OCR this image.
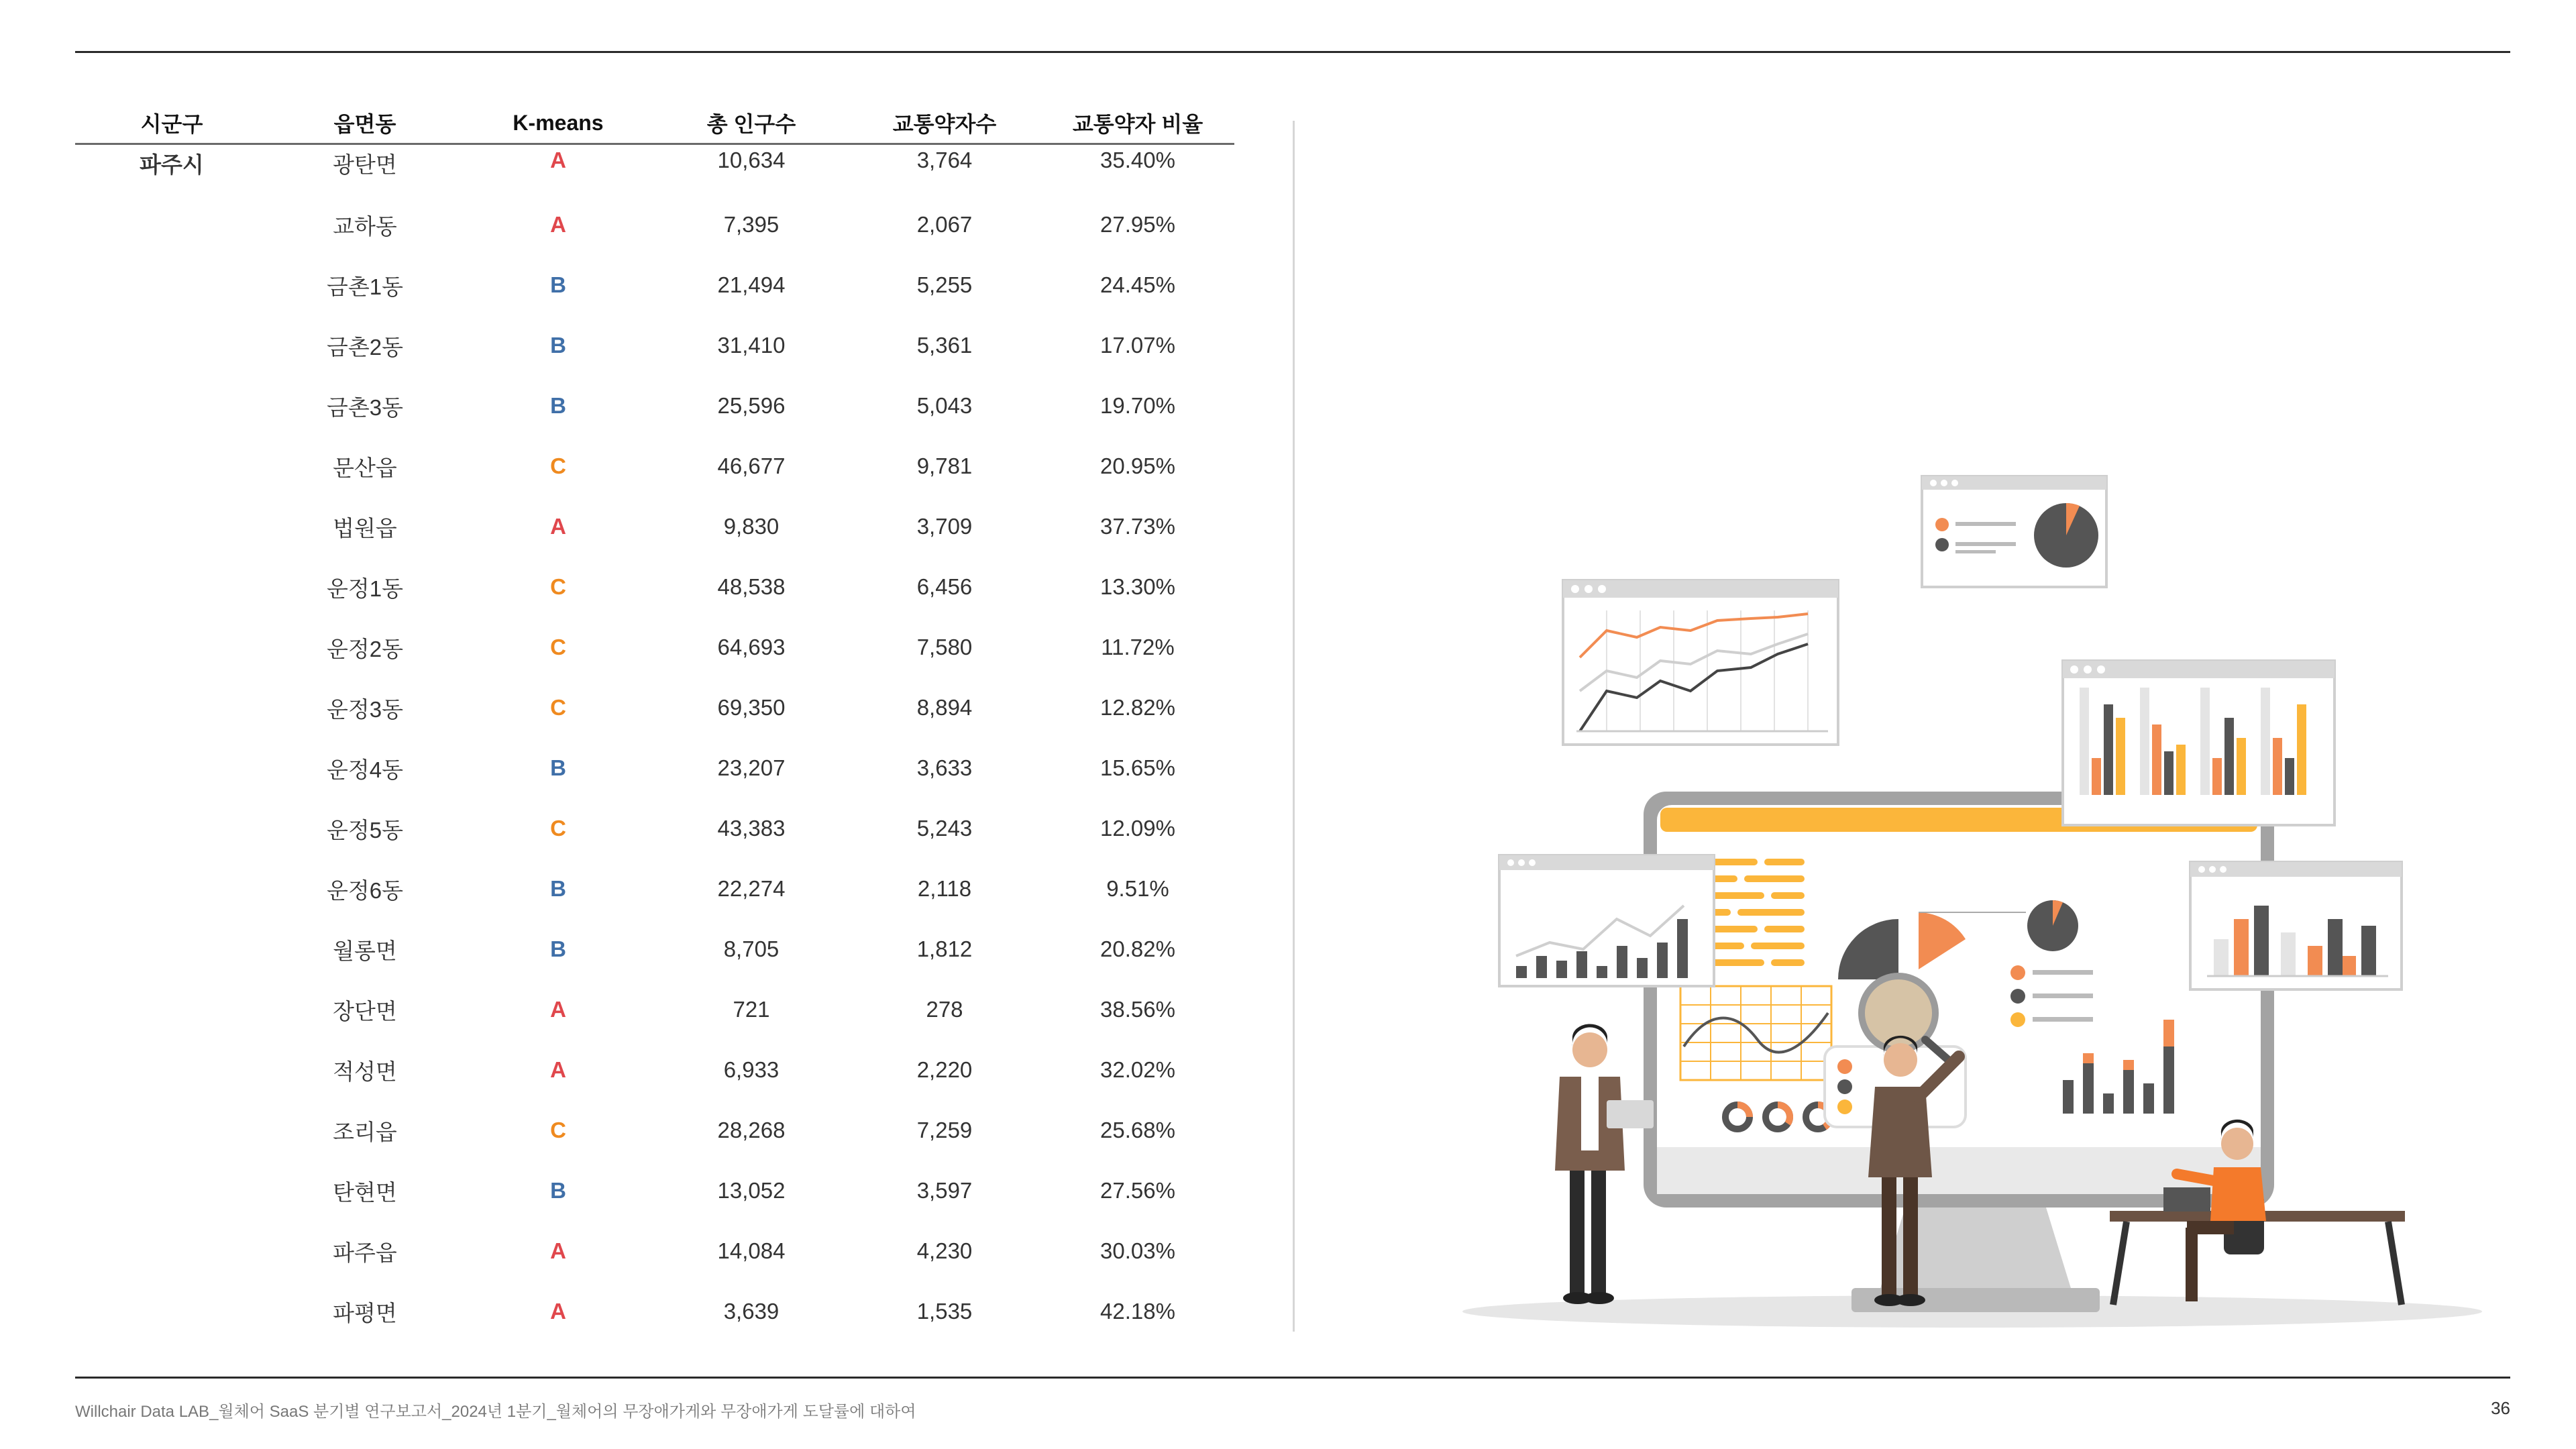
시군구	읍면동	K-means	총 인구수	교통약자수	교통약자 비율
파주시	광탄면	A	10,634	3,764	35.40%
	교하동	A	7,395	2,067	27.95%
	금촌1동	B	21,494	5,255	24.45%
	금촌2동	B	31,410	5,361	17.07%
	금촌3동	B	25,596	5,043	19.70%
	문산읍	C	46,677	9,781	20.95%
	법원읍	A	9,830	3,709	37.73%
	운정1동	C	48,538	6,456	13.30%
	운정2동	C	64,693	7,580	11.72%
	운정3동	C	69,350	8,894	12.82%
	운정4동	B	23,207	3,633	15.65%
	운정5동	C	43,383	5,243	12.09%
	운정6동	B	22,274	2,118	9.51%
	월롱면	B	8,705	1,812	20.82%
	장단면	A	721	278	38.56%
	적성면	A	6,933	2,220	32.02%
	조리읍	C	28,268	7,259	25.68%
	탄현면	B	13,052	3,597	27.56%
	파주읍	A	14,084	4,230	30.03%
	파평면	A	3,639	1,535	42.18%
Willchair Data LAB_월체어 SaaS 분기별 연구보고서_2024년 1분기_월체어의 무장애가게와 무장애가게 도달률에 대하여	36
